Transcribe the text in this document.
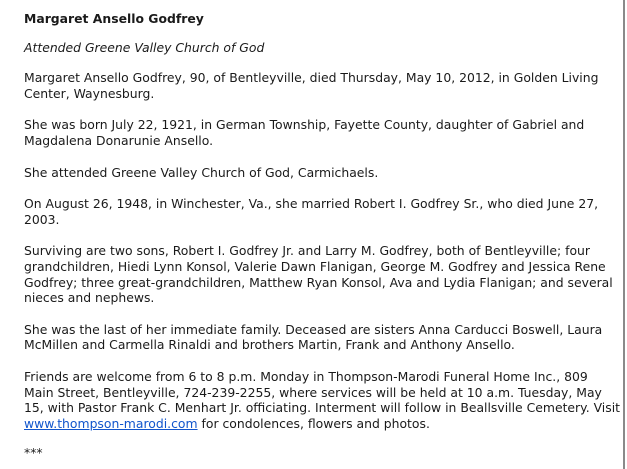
Margaret Ansello Godfrey
Attended Greene Valley Church of God

Margaret Ansello Godfrey, 90, of Bentleyville, died Thursday, May 10, 2012, in Golden Living Center, Waynesburg.

She was born July 22, 1921, in German Township, Fayette County, daughter of Gabriel and Magdalena Donarunie Ansello.

She attended Greene Valley Church of God, Carmichaels.

On August 26, 1948, in Winchester, Va., she married Robert I. Godfrey Sr., who died June 27, 2003.

Surviving are two sons, Robert I. Godfrey Jr. and Larry M. Godfrey, both of Bentleyville; four grandchildren, Hiedi Lynn Konsol, Valerie Dawn Flanigan, George M. Godfrey and Jessica Rene Godfrey; three great-grandchildren, Matthew Ryan Konsol, Ava and Lydia Flanigan; and several nieces and nephews.

She was the last of her immediate family. Deceased are sisters Anna Carducci Boswell, Laura McMillen and Carmella Rinaldi and brothers Martin, Frank and Anthony Ansello.

Friends are welcome from 6 to 8 p.m. Monday in Thompson-Marodi Funeral Home Inc., 809 Main Street, Bentleyville, 724-239-2255, where services will be held at 10 a.m. Tuesday, May 15, with Pastor Frank C. Menhart Jr. officiating. Interment will follow in Beallsville Cemetery. Visit www.thompson-marodi.com for condolences, flowers and photos.

***
